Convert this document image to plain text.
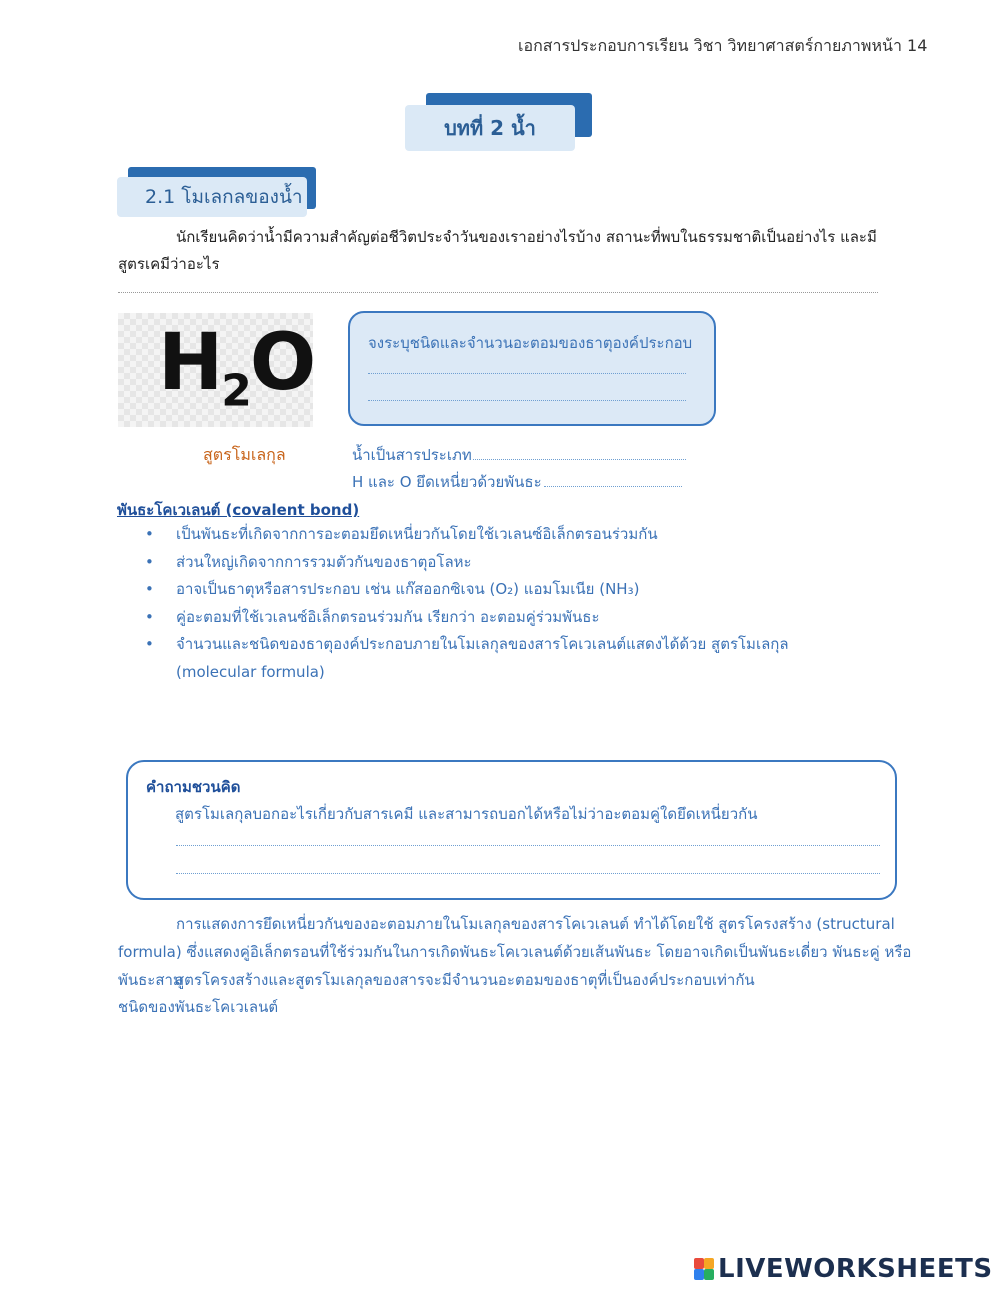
เอกสารประกอบการเรียน วิชา วิทยาศาสตร์กายภาพหน้า 14
บทที่ 2 น้ำ
2.1 โมเลกลของน้ำ
นักเรียนคิดว่าน้ำมีความสำคัญต่อชีวิตประจำวันของเราอย่างไรบ้าง สถานะที่พบในธรรมชาติเป็นอย่างไร และมีสูตรเคมีว่าอะไร
$H_2O$
สูตรโมเลกุล
จงระบุชนิดและจำนวนอะตอมของธาตุองค์ประกอบ
น้ำเป็นสารประเภท
H และ O ยึดเหนี่ยวด้วยพันธะ
พันธะโคเวเลนต์ (covalent bond)
• เป็นพันธะที่เกิดจากการอะตอมยึดเหนี่ยวกันโดยใช้เวเลนซ์อิเล็กตรอนร่วมกัน
• ส่วนใหญ่เกิดจากการรวมตัวกันของธาตุอโลหะ
• อาจเป็นธาตุหรือสารประกอบ เช่น แก๊สออกซิเจน (O₂) แอมโมเนีย (NH₃)
• คู่อะตอมที่ใช้เวเลนซ์อิเล็กตรอนร่วมกัน เรียกว่า อะตอมคู่ร่วมพันธะ
• จำนวนและชนิดของธาตุองค์ประกอบภายในโมเลกุลของสารโคเวเลนต์แสดงได้ด้วย สูตรโมเลกุล (molecular formula)
คำถามชวนคิด
สูตรโมเลกุลบอกอะไรเกี่ยวกับสารเคมี และสามารถบอกได้หรือไม่ว่าอะตอมคู่ใดยึดเหนี่ยวกัน
การแสดงการยึดเหนี่ยวกันของอะตอมภายในโมเลกุลของสารโคเวเลนต์ ทำได้โดยใช้ สูตรโครงสร้าง (structural formula) ซึ่งแสดงคู่อิเล็กตรอนที่ใช้ร่วมกันในการเกิดพันธะโคเวเลนต์ด้วยเส้นพันธะ โดยอาจเกิดเป็นพันธะเดี่ยว พันธะคู่ หรือพันธะสาม
สูตรโครงสร้างและสูตรโมเลกุลของสารจะมีจำนวนอะตอมของธาตุที่เป็นองค์ประกอบเท่ากัน
ชนิดของพันธะโคเวเลนต์
LIVEWORKSHEETS
